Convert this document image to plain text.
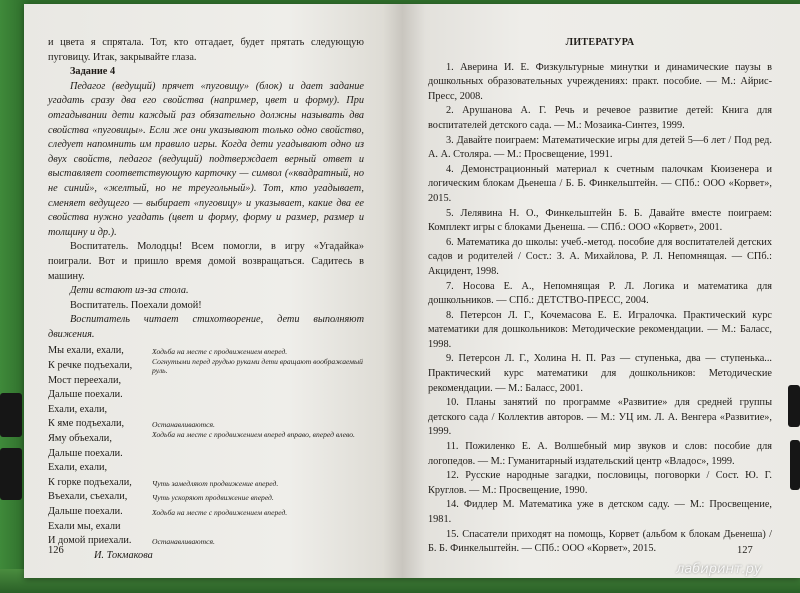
и цвета я спрятала. Тот, кто отгадает, будет прятать следующую пуговицу. Итак, закрывайте глаза.
Задание 4
Педагог (ведущий) прячет «пуговицу» (блок) и дает задание угадать сразу два его свойства (например, цвет и форму). При отгадывании дети каждый раз обязательно должны называть два свойства «пуговицы». Если же они указывают только одно свойство, следует напомнить им правило игры. Когда дети угадывают одно из двух свойств, педагог (ведущий) подтверждает верный ответ и выставляет соответствующую карточку — символ («квадратный, но не синий», «желтый, но не треугольный»). Тот, кто угадывает, сменяет ведущего — выбирает «пуговицу» и указывает, какие два ее свойства нужно угадать (цвет и форму, форму и размер, размер и толщину и др.).
Воспитатель. Молодцы! Всем помогли, в игру «Угадайка» поиграли. Вот и пришло время домой возвращаться. Садитесь в машину.
Дети встают из-за стола.
Воспитатель. Поехали домой!
Воспитатель читает стихотворение, дети выполняют движения.
Мы ехали, ехали,	Ходьба на месте с продвижением вперед.
К речке подъехали,	Согнутыми перед грудью руками дети вращают воображаемый руль.
Мост переехали,
Дальше поехали.
Ехали, ехали,
К яме подъехали,	Останавливаются.
Яму объехали,	Ходьба на месте с продвижением вперед вправо, вперед влево.
Дальше поехали.
Ехали, ехали,
К горке подъехали,	Чуть замедляют продвижение вперед.
Въехали, съехали,	Чуть ускоряют продвижение вперед.
Дальше поехали.	Ходьба на месте с продвижением вперед.
Ехали мы, ехали
И домой приехали.	Останавливаются.
И. Токмакова
ЛИТЕРАТУРА
1. Аверина И. Е. Физкультурные минутки и динамические паузы в дошкольных образовательных учреждениях: практ. пособие. — М.: Айрис-Пресс, 2008.
2. Арушанова А. Г. Речь и речевое развитие детей: Книга для воспитателей детского сада. — М.: Мозаика-Синтез, 1999.
3. Давайте поиграем: Математические игры для детей 5—6 лет / Под ред. А. А. Столяра. — М.: Просвещение, 1991.
4. Демонстрационный материал к счетным палочкам Кюизенера и логическим блокам Дьенеша / Б. Б. Финкельштейн. — СПб.: ООО «Корвет», 2015.
5. Лелявина Н. О., Финкельштейн Б. Б. Давайте вместе поиграем: Комплект игры с блоками Дьенеша. — СПб.: ООО «Корвет», 2001.
6. Математика до школы: учеб.-метод. пособие для воспитателей детских садов и родителей / Сост.: З. А. Михайлова, Р. Л. Непомнящая. — СПб.: Акцидент, 1998.
7. Носова Е. А., Непомнящая Р. Л. Логика и математика для дошкольников. — СПб.: ДЕТСТВО-ПРЕСС, 2004.
8. Петерсон Л. Г., Кочемасова Е. Е. Игралочка. Практический курс математики для дошкольников: Методические рекомендации. — М.: Баласс, 1998.
9. Петерсон Л. Г., Холина Н. П. Раз — ступенька, два — ступенька... Практический курс математики для дошкольников: Методические рекомендации. — М.: Баласс, 2001.
10. Планы занятий по программе «Развитие» для средней группы детского сада / Коллектив авторов. — М.: УЦ им. Л. А. Венгера «Развитие», 1999.
11. Пожиленко Е. А. Волшебный мир звуков и слов: пособие для логопедов. — М.: Гуманитарный издательский центр «Владос», 1999.
12. Русские народные загадки, пословицы, поговорки / Сост. Ю. Г. Круглов. — М.: Просвещение, 1990.
14. Фидлер М. Математика уже в детском саду. — М.: Просвещение, 1981.
15. Спасатели приходят на помощь, Корвет (альбом к блокам Дьенеша) / Б. Б. Финкельштейн. — СПб.: ООО «Корвет», 2015.
126	127
лабиринт.ру
